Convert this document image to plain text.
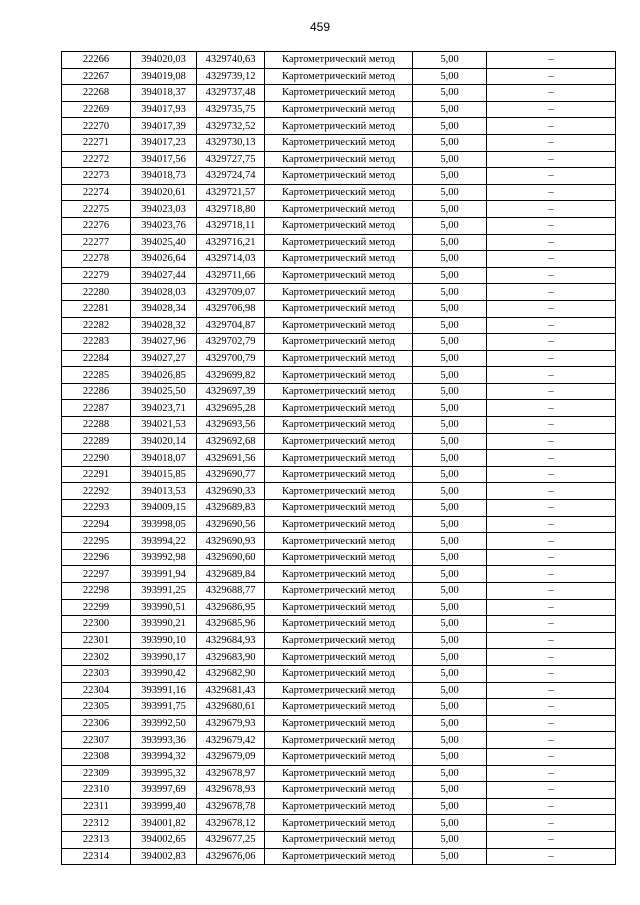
459
22266	394020,03	4329740,63	Картометрический метод	5,00	–
22267	394019,08	4329739,12	Картометрический метод	5,00	–
22268	394018,37	4329737,48	Картометрический метод	5,00	–
22269	394017,93	4329735,75	Картометрический метод	5,00	–
22270	394017,39	4329732,52	Картометрический метод	5,00	–
22271	394017,23	4329730,13	Картометрический метод	5,00	–
22272	394017,56	4329727,75	Картометрический метод	5,00	–
22273	394018,73	4329724,74	Картометрический метод	5,00	–
22274	394020,61	4329721,57	Картометрический метод	5,00	–
22275	394023,03	4329718,80	Картометрический метод	5,00	–
22276	394023,76	4329718,11	Картометрический метод	5,00	–
22277	394025,40	4329716,21	Картометрический метод	5,00	–
22278	394026,64	4329714,03	Картометрический метод	5,00	–
22279	394027,44	4329711,66	Картометрический метод	5,00	–
22280	394028,03	4329709,07	Картометрический метод	5,00	–
22281	394028,34	4329706,98	Картометрический метод	5,00	–
22282	394028,32	4329704,87	Картометрический метод	5,00	–
22283	394027,96	4329702,79	Картометрический метод	5,00	–
22284	394027,27	4329700,79	Картометрический метод	5,00	–
22285	394026,85	4329699,82	Картометрический метод	5,00	–
22286	394025,50	4329697,39	Картометрический метод	5,00	–
22287	394023,71	4329695,28	Картометрический метод	5,00	–
22288	394021,53	4329693,56	Картометрический метод	5,00	–
22289	394020,14	4329692,68	Картометрический метод	5,00	–
22290	394018,07	4329691,56	Картометрический метод	5,00	–
22291	394015,85	4329690,77	Картометрический метод	5,00	–
22292	394013,53	4329690,33	Картометрический метод	5,00	–
22293	394009,15	4329689,83	Картометрический метод	5,00	–
22294	393998,05	4329690,56	Картометрический метод	5,00	–
22295	393994,22	4329690,93	Картометрический метод	5,00	–
22296	393992,98	4329690,60	Картометрический метод	5,00	–
22297	393991,94	4329689,84	Картометрический метод	5,00	–
22298	393991,25	4329688,77	Картометрический метод	5,00	–
22299	393990,51	4329686,95	Картометрический метод	5,00	–
22300	393990,21	4329685,96	Картометрический метод	5,00	–
22301	393990,10	4329684,93	Картометрический метод	5,00	–
22302	393990,17	4329683,90	Картометрический метод	5,00	–
22303	393990,42	4329682,90	Картометрический метод	5,00	–
22304	393991,16	4329681,43	Картометрический метод	5,00	–
22305	393991,75	4329680,61	Картометрический метод	5,00	–
22306	393992,50	4329679,93	Картометрический метод	5,00	–
22307	393993,36	4329679,42	Картометрический метод	5,00	–
22308	393994,32	4329679,09	Картометрический метод	5,00	–
22309	393995,32	4329678,97	Картометрический метод	5,00	–
22310	393997,69	4329678,93	Картометрический метод	5,00	–
22311	393999,40	4329678,78	Картометрический метод	5,00	–
22312	394001,82	4329678,12	Картометрический метод	5,00	–
22313	394002,65	4329677,25	Картометрический метод	5,00	–
22314	394002,83	4329676,06	Картометрический метод	5,00	–
